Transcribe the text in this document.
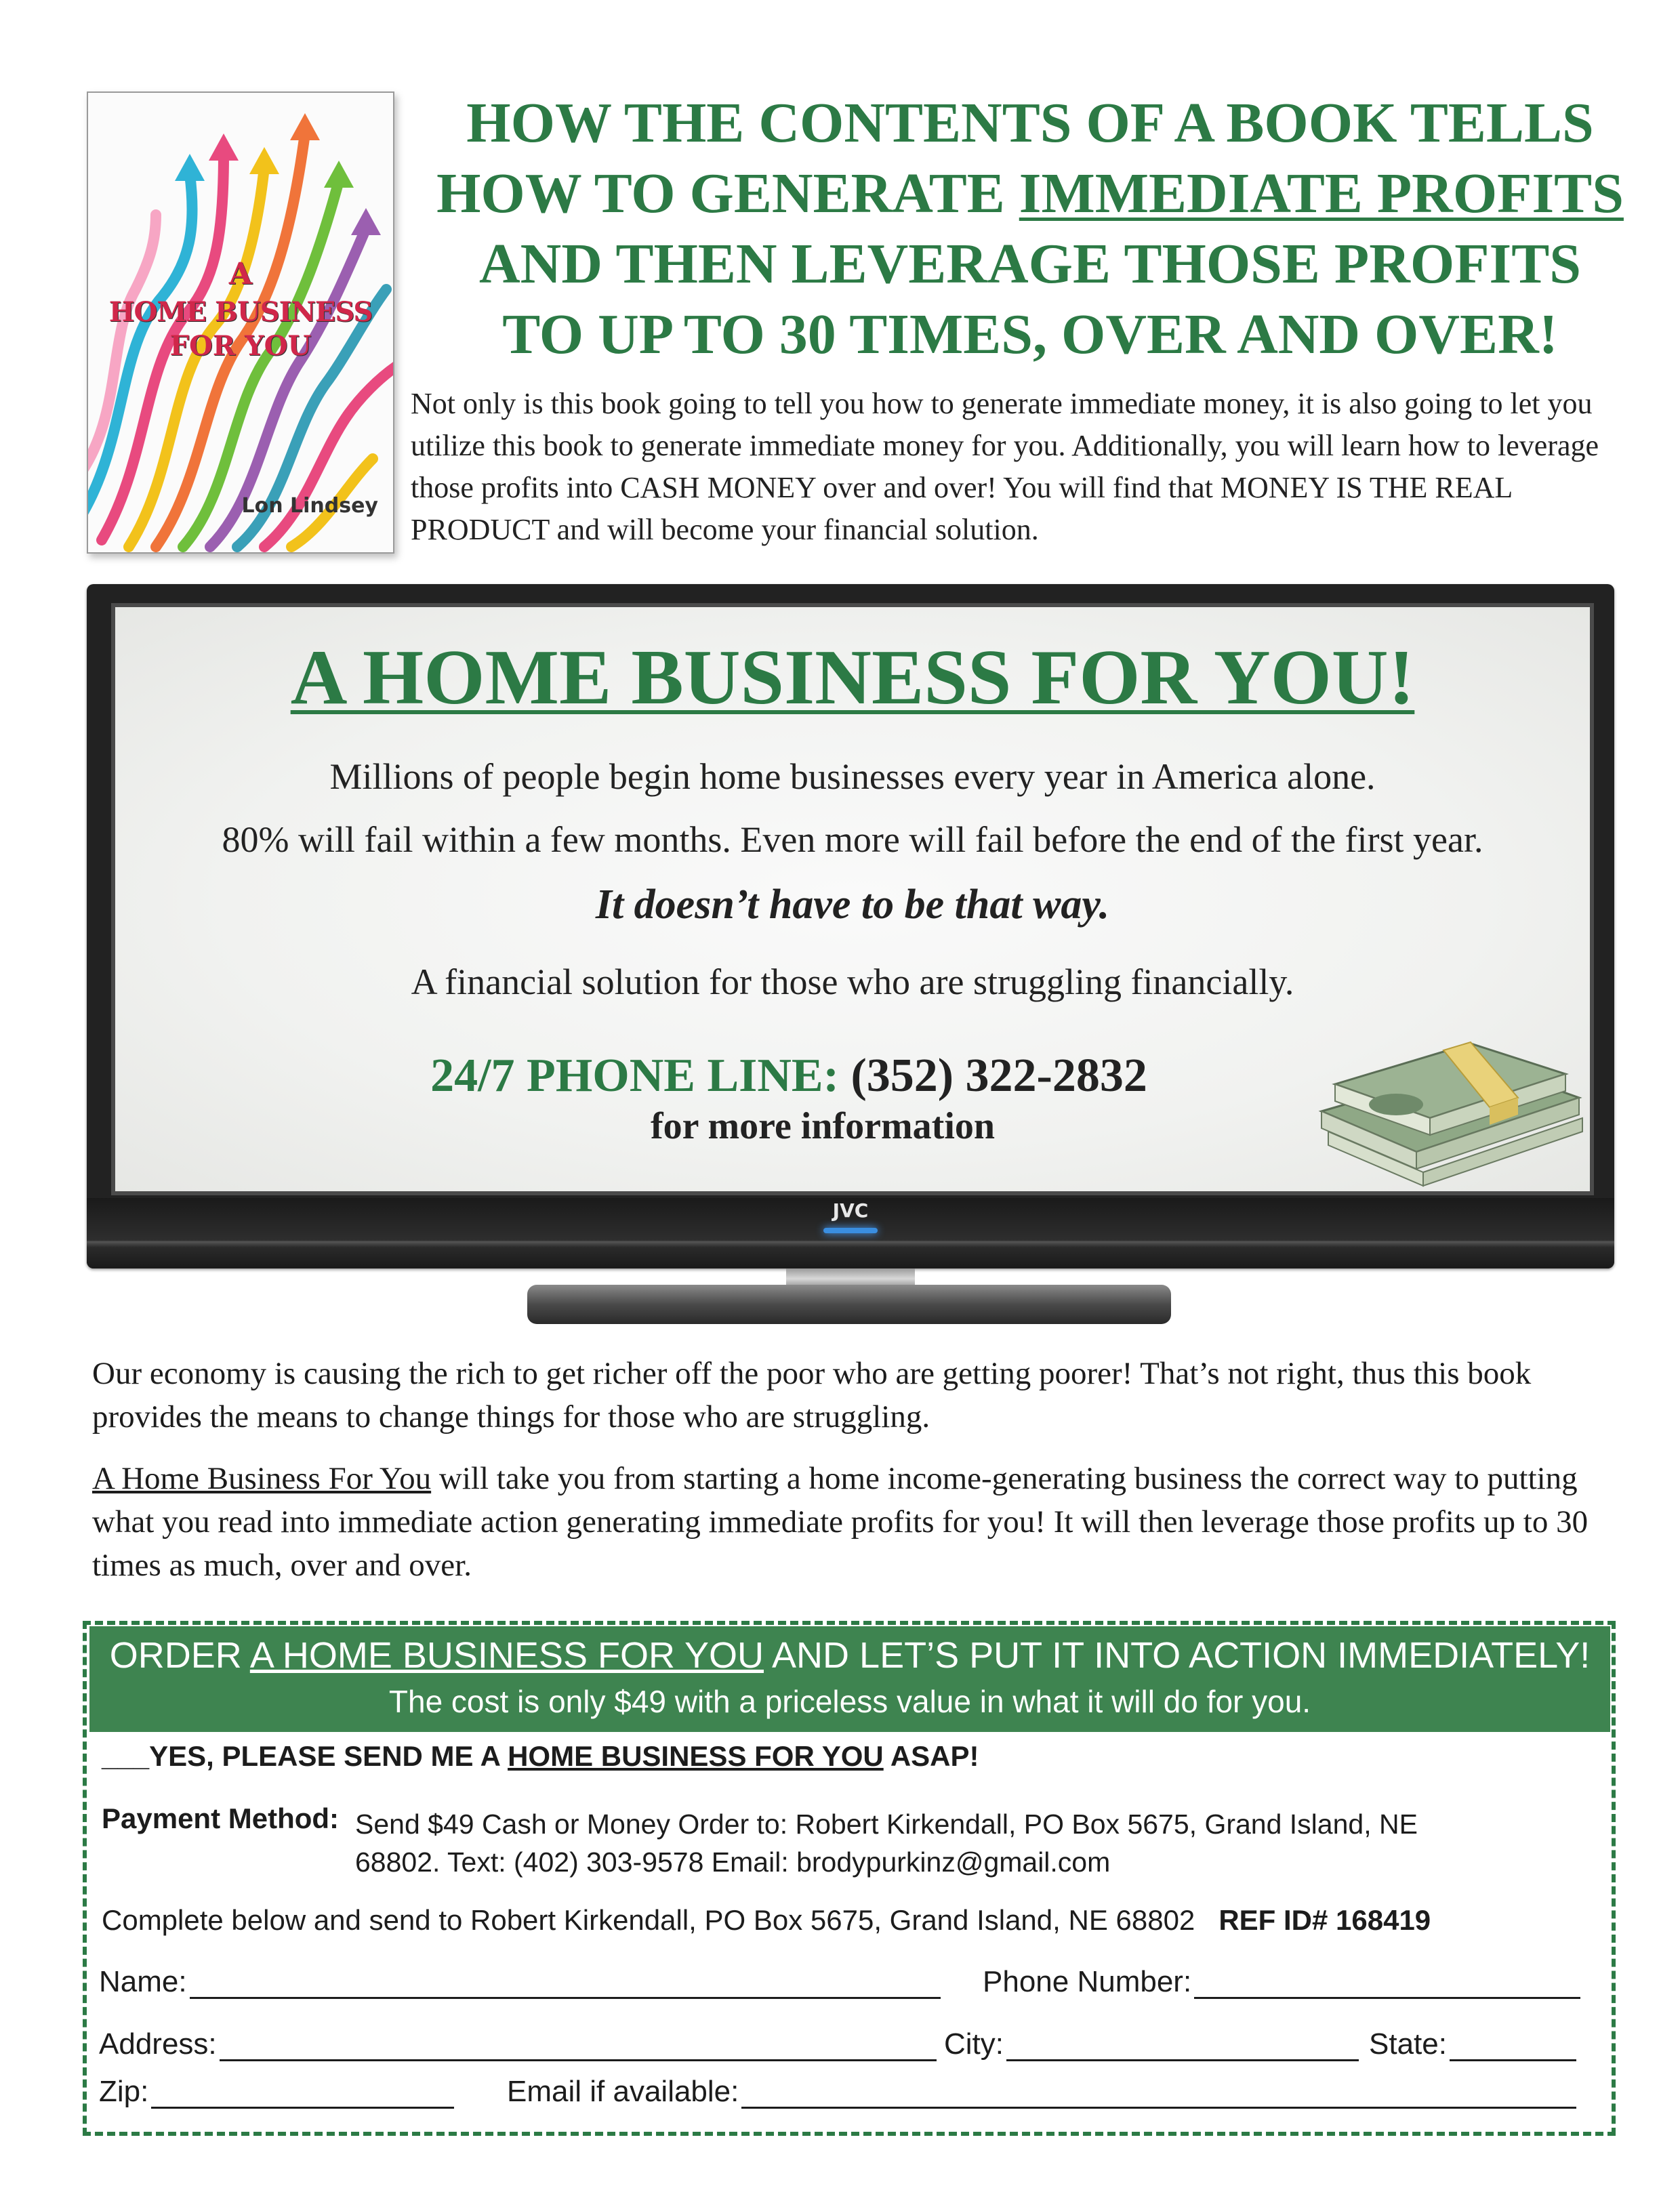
A
HOME BUSINESS
FOR YOU
Lon Lindsey
HOW THE CONTENTS OF A BOOK TELLS
HOW TO GENERATE IMMEDIATE PROFITS
AND THEN LEVERAGE THOSE PROFITS
TO UP TO 30 TIMES, OVER AND OVER!
Not only is this book going to tell you how to generate immediate money, it is also going to let you utilize this book to generate immediate money for you. Additionally, you will learn how to leverage those profits into CASH MONEY over and over! You will find that MONEY IS THE REAL PRODUCT and will become your financial solution.
JVC
A HOME BUSINESS FOR YOU!
Millions of people begin home businesses every year in America alone.
80% will fail within a few months. Even more will fail before the end of the first year.
It doesn’t have to be that way.
A financial solution for those who are struggling financially.
24/7 PHONE LINE: (352) 322-2832
for more information
Our economy is causing the rich to get richer off the poor who are getting poorer! That’s not right, thus this book provides the means to change things for those who are struggling.
A Home Business For You will take you from starting a home income-generating business the correct way to putting what you read into immediate action generating immediate profits for you! It will then leverage those profits up to 30 times as much, over and over.
ORDER A HOME BUSINESS FOR YOU AND LET’S PUT IT INTO ACTION IMMEDIATELY!
The cost is only $49 with a priceless value in what it will do for you.
___YES, PLEASE SEND ME A HOME BUSINESS FOR YOU ASAP!
Payment Method: Send $49 Cash or Money Order to: Robert Kirkendall, PO Box 5675, Grand Island, NE
68802. Text: (402) 303-9578 Email: brodypurkinz@gmail.com
Complete below and send to Robert Kirkendall, PO Box 5675, Grand Island, NE 68802 REF ID# 168419
Name:	Phone Number:
Address:	City:	State:
Zip:	Email if available:
